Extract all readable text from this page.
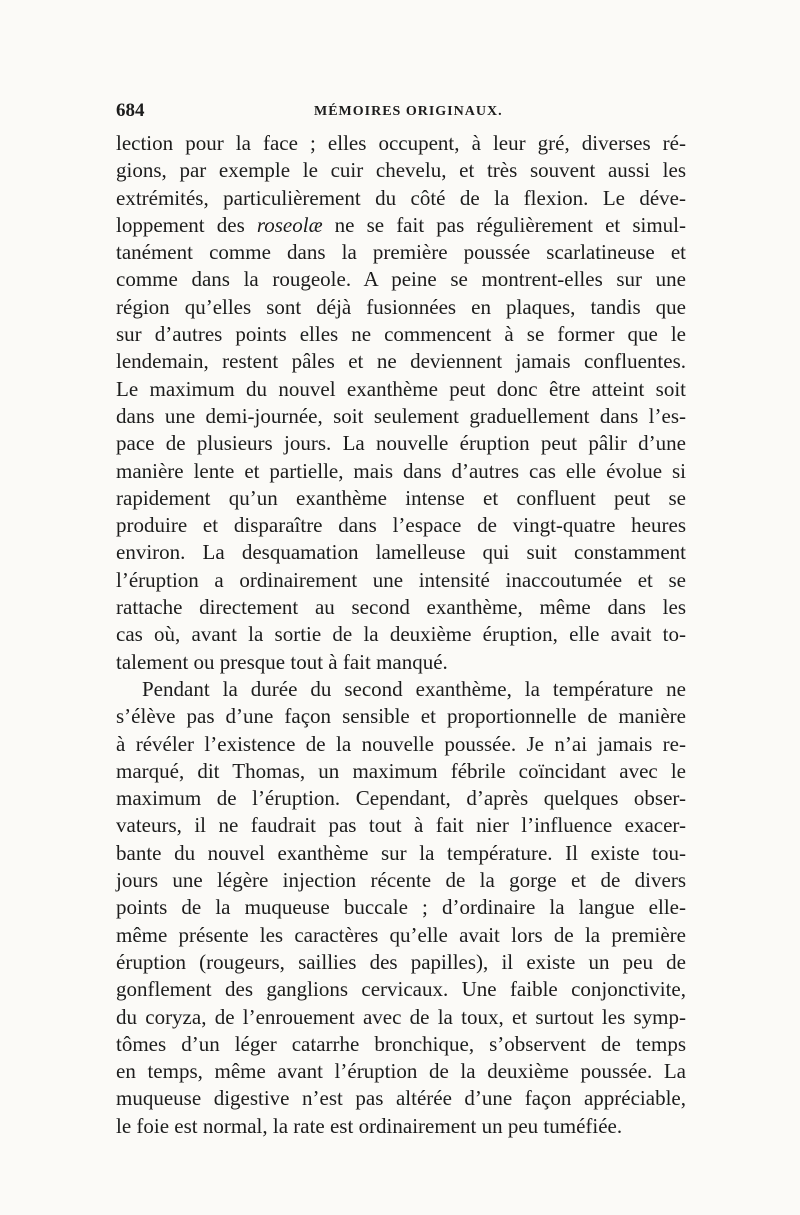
684	MÉMOIRES ORIGINAUX.
lection pour la face ; elles occupent, à leur gré, diverses ré-
gions, par exemple le cuir chevelu, et très souvent aussi les
extrémités, particulièrement du côté de la flexion. Le déve-
loppement des roseolæ ne se fait pas régulièrement et simul-
tanément comme dans la première poussée scarlatineuse et
comme dans la rougeole. A peine se montrent-elles sur une
région qu’elles sont déjà fusionnées en plaques, tandis que
sur d’autres points elles ne commencent à se former que le
lendemain, restent pâles et ne deviennent jamais confluentes.
Le maximum du nouvel exanthème peut donc être atteint soit
dans une demi-journée, soit seulement graduellement dans l’es-
pace de plusieurs jours. La nouvelle éruption peut pâlir d’une
manière lente et partielle, mais dans d’autres cas elle évolue si
rapidement qu’un exanthème intense et confluent peut se
produire et disparaître dans l’espace de vingt-quatre heures
environ. La desquamation lamelleuse qui suit constamment
l’éruption a ordinairement une intensité inaccoutumée et se
rattache directement au second exanthème, même dans les
cas où, avant la sortie de la deuxième éruption, elle avait to-
talement ou presque tout à fait manqué.
Pendant la durée du second exanthème, la température ne
s’élève pas d’une façon sensible et proportionnelle de manière
à révéler l’existence de la nouvelle poussée. Je n’ai jamais re-
marqué, dit Thomas, un maximum fébrile coïncidant avec le
maximum de l’éruption. Cependant, d’après quelques obser-
vateurs, il ne faudrait pas tout à fait nier l’influence exacer-
bante du nouvel exanthème sur la température. Il existe tou-
jours une légère injection récente de la gorge et de divers
points de la muqueuse buccale ; d’ordinaire la langue elle-
même présente les caractères qu’elle avait lors de la première
éruption (rougeurs, saillies des papilles), il existe un peu de
gonflement des ganglions cervicaux. Une faible conjonctivite,
du coryza, de l’enrouement avec de la toux, et surtout les symp-
tômes d’un léger catarrhe bronchique, s’observent de temps
en temps, même avant l’éruption de la deuxième poussée. La
muqueuse digestive n’est pas altérée d’une façon appréciable,
le foie est normal, la rate est ordinairement un peu tuméfiée.
